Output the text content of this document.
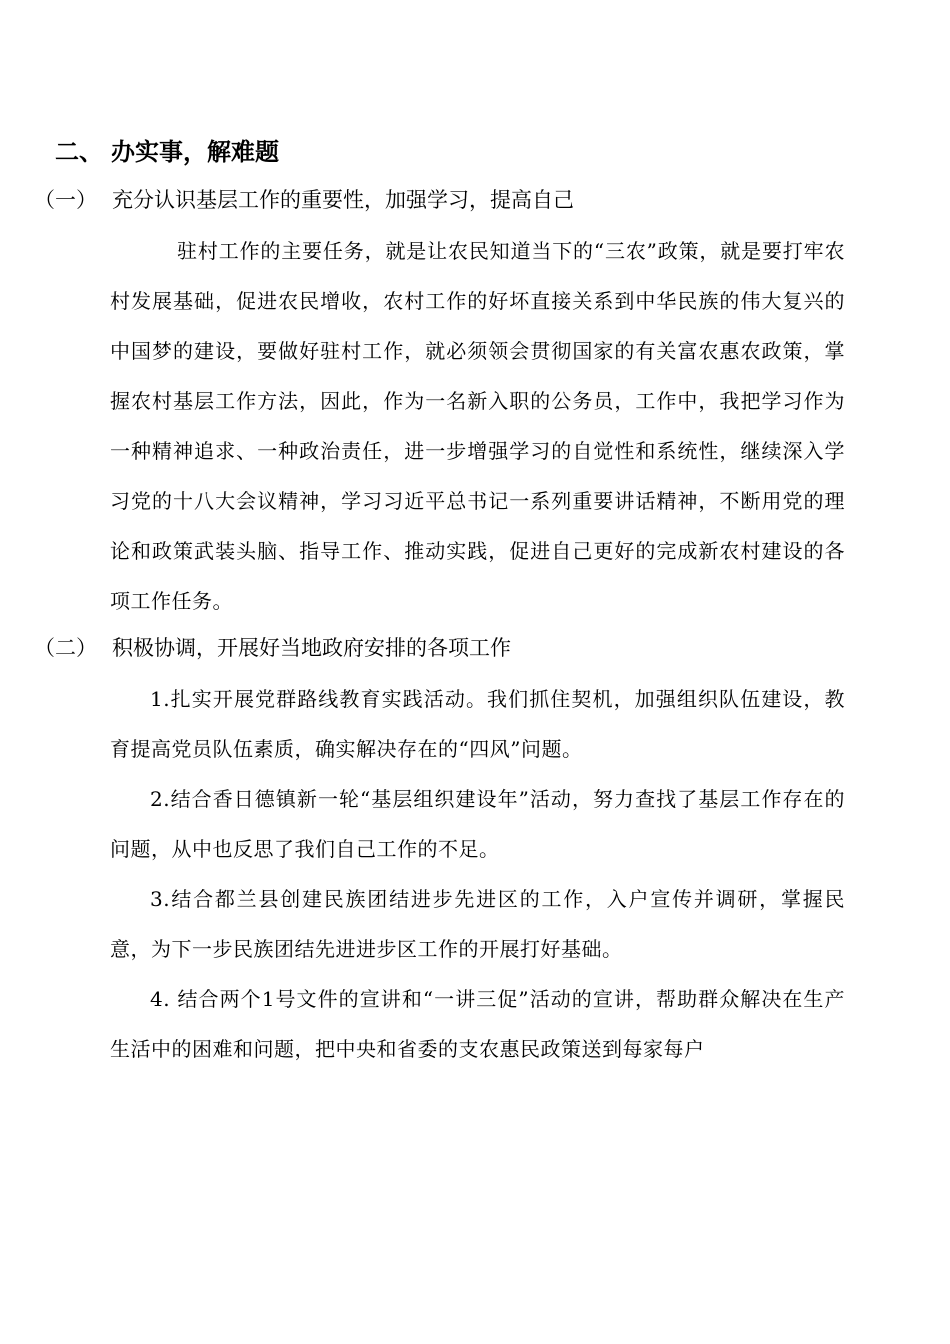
二、 办实事，解难题
（一） 充分认识基层工作的重要性，加强学习，提高自己
驻村工作的主要任务，就是让农民知道当下的“三农”政策，就是要打牢农村发展基础，促进农民增收，农村工作的好坏直接关系到中华民族的伟大复兴的中国梦的建设，要做好驻村工作，就必须领会贯彻国家的有关富农惠农政策，掌握农村基层工作方法，因此，作为一名新入职的公务员，工作中，我把学习作为一种精神追求、一种政治责任，进一步增强学习的自觉性和系统性，继续深入学习党的十八大会议精神，学习习近平总书记一系列重要讲话精神，不断用党的理论和政策武装头脑、指导工作、推动实践，促进自己更好的完成新农村建设的各项工作任务。
（二） 积极协调，开展好当地政府安排的各项工作
1.扎实开展党群路线教育实践活动。我们抓住契机，加强组织队伍建设，教育提高党员队伍素质，确实解决存在的“四风”问题。
2.结合香日德镇新一轮“基层组织建设年”活动，努力查找了基层工作存在的问题，从中也反思了我们自己工作的不足。
3.结合都兰县创建民族团结进步先进区的工作，入户宣传并调研，掌握民意，为下一步民族团结先进进步区工作的开展打好基础。
4. 结合两个1号文件的宣讲和“一讲三促”活动的宣讲，帮助群众解决在生产生活中的困难和问题，把中央和省委的支农惠民政策送到每家每户
